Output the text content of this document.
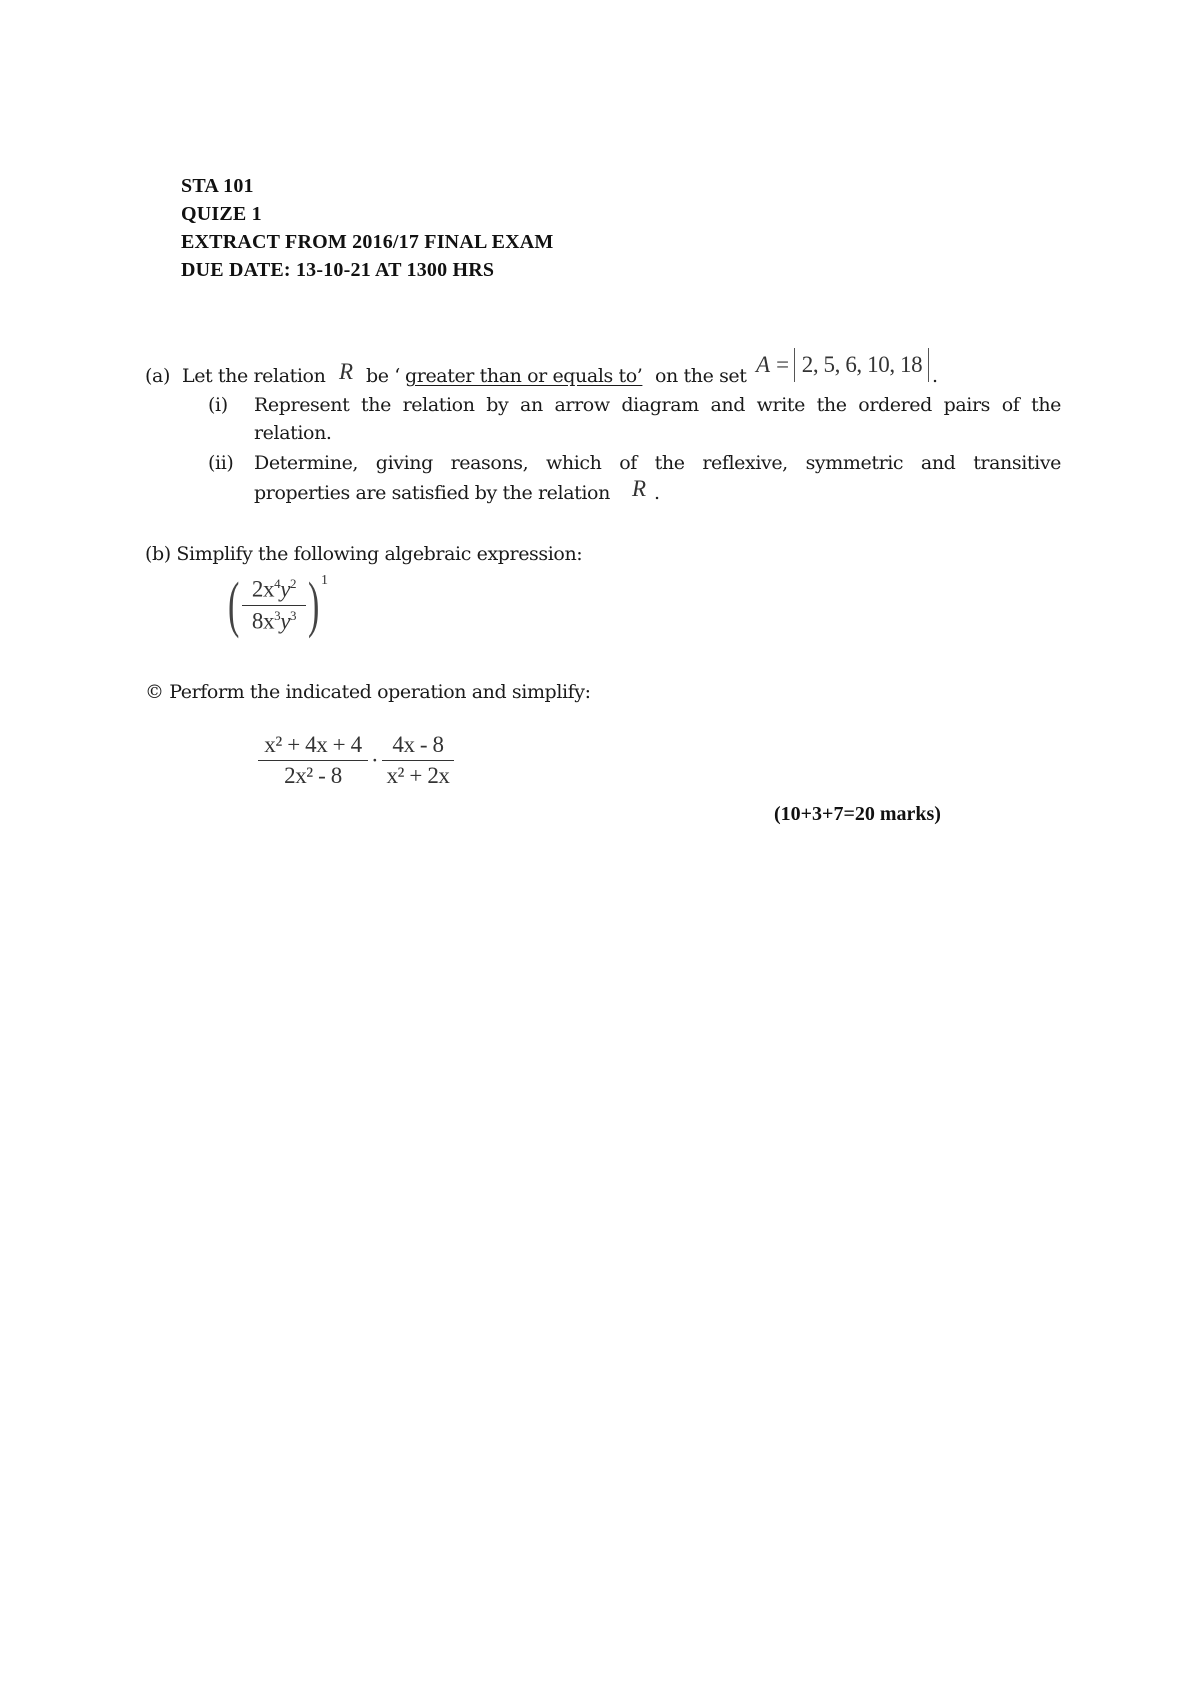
STA 101
QUIZE 1
EXTRACT FROM 2016/17 FINAL EXAM
DUE DATE: 13-10-21 AT 1300 HRS
(a) Let the relation R be ‘ greater than or equals to’ on the set A = 2, 5, 6, 10, 18 .
(i)	Represent the relation by an arrow diagram and write the ordered pairs of the
relation.
(ii)	Determine, giving reasons, which of the reflexive, symmetric and transitive
properties are satisfied by the relation R .
(b) Simplify the following algebraic expression:
( $2x^4y^2$
$8x^3y^3$ ) 1
© Perform the indicated operation and simplify:
x² + 4x + 4
2x² - 8
·
4x - 8
x² + 2x
(10+3+7=20 marks)
